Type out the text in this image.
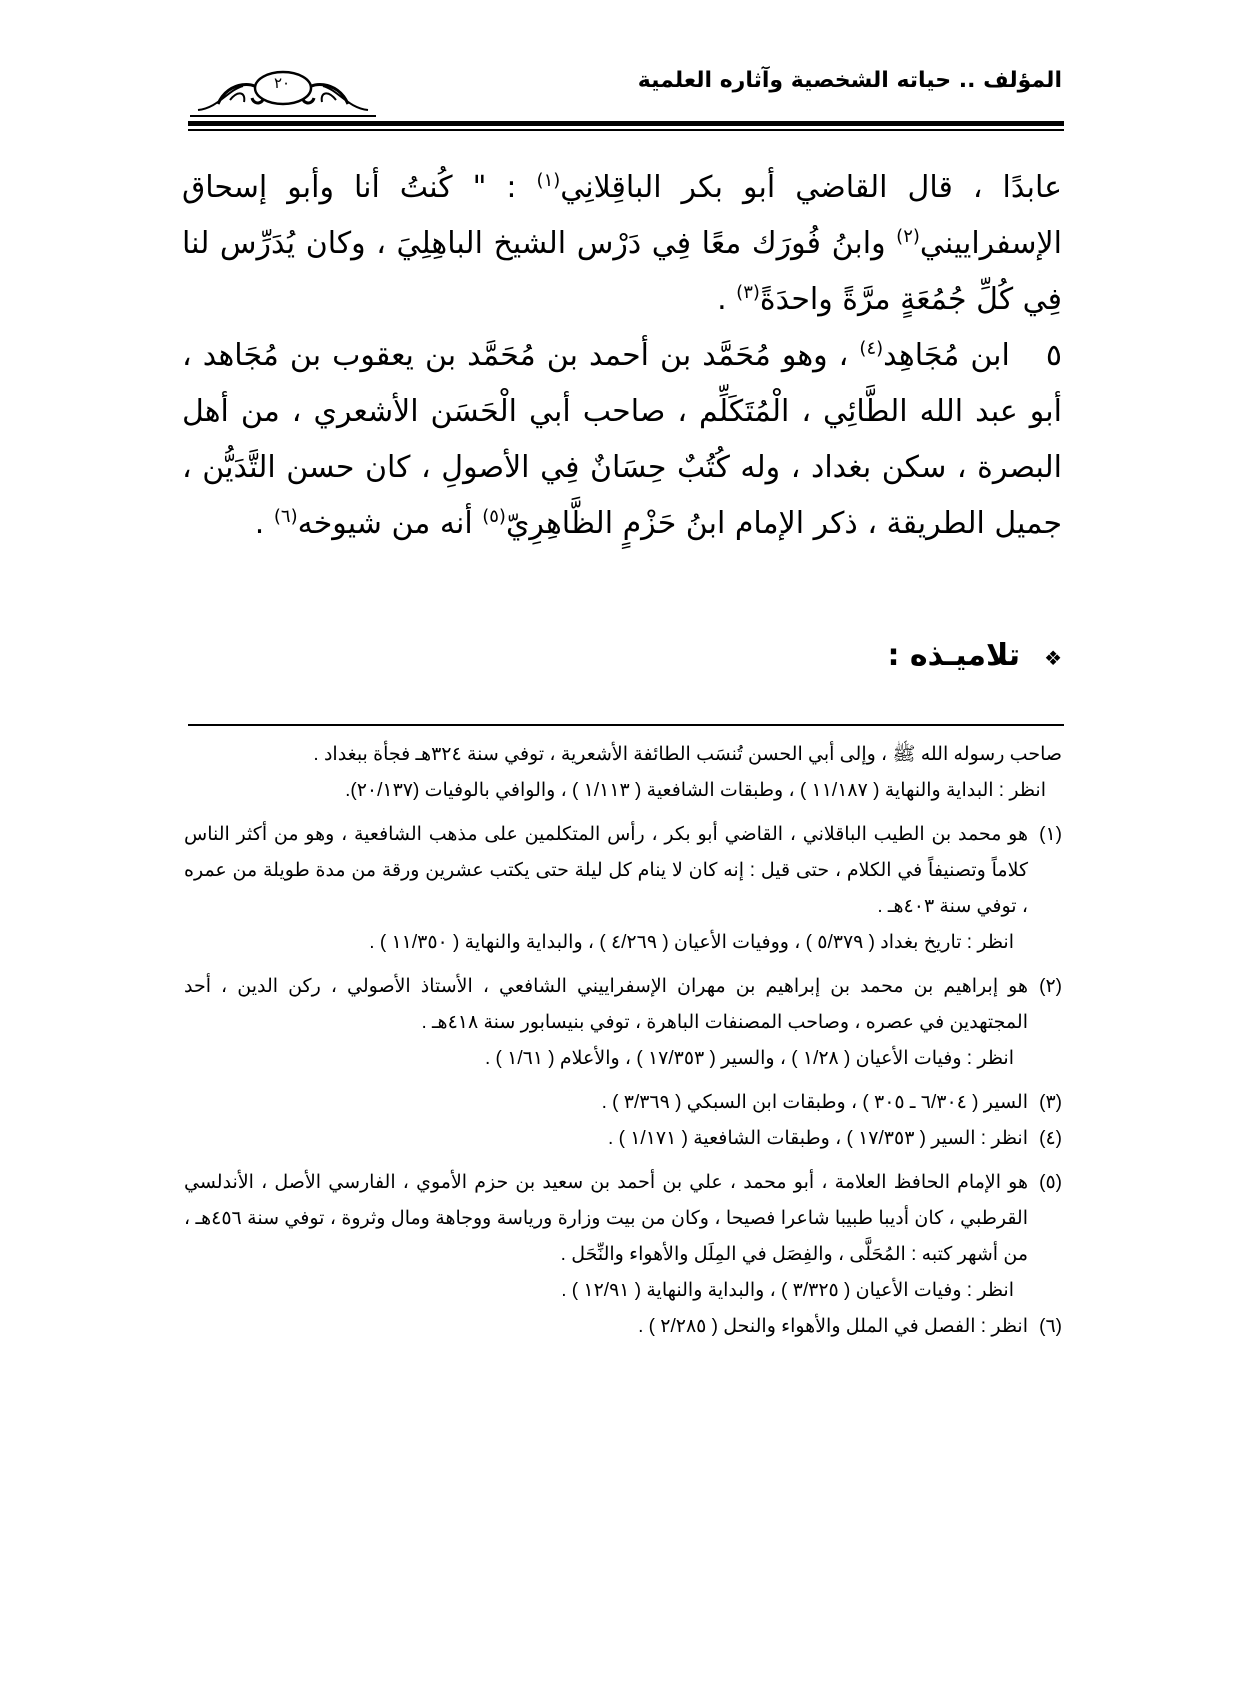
المؤلف .. حياته الشخصية وآثاره العلمية
٢٠

عابدًا ، قال القاضي أبو بكر الباقِلانِي$^{(١)}$ : " كُنتُ أنا وأبو إسحاق الإسفراييني$^{(٢)}$ وابنُ فُورَك معًا فِي دَرْس الشيخ الباهِلِيَ ، وكان يُدَرِّس لنا فِي كُلِّ جُمُعَةٍ مرَّةً واحدَةً$^{(٣)}$ .

٥ابن مُجَاهِد$^{(٤)}$ ، وهو مُحَمَّد بن أحمد بن مُحَمَّد بن يعقوب بن مُجَاهد ، أبو عبد الله الطَّائِي ، الْمُتَكَلِّم ، صاحب أبي الْحَسَن الأشعري ، من أهل البصرة ، سكن بغداد ، وله كُتُبٌ حِسَانٌ فِي الأصولِ ، كان حسن التَّدَيُّن ، جميل الطريقة ، ذكر الإمام ابنُ حَزْمٍ الظَّاهِرِيّ$^{(٥)}$ أنه من شيوخه$^{(٦)}$ .

❖تلاميـذه :

صاحب رسوله الله ﷺ ، وإلى أبي الحسن تُنسَب الطائفة الأشعرية ، توفي سنة ٣٢٤هـ فجأة ببغداد .

انظر : البداية والنهاية ( ١١/١٨٧ ) ، وطبقات الشافعية ( ١/١١٣ ) ، والوافي بالوفيات (٢٠/١٣٧).

(١)
هو محمد بن الطيب الباقلاني ، القاضي أبو بكر ، رأس المتكلمين على مذهب الشافعية ، وهو من أكثر الناس كلاماً وتصنيفاً في الكلام ، حتى قيل : إنه كان لا ينام كل ليلة حتى يكتب عشرين ورقة من مدة طويلة من عمره ، توفي سنة ٤٠٣هـ .
انظر : تاريخ بغداد ( ٥/٣٧٩ ) ، ووفيات الأعيان ( ٤/٢٦٩ ) ، والبداية والنهاية ( ١١/٣٥٠ ) .
(٢)
هو إبراهيم بن محمد بن إبراهيم بن مهران الإسفراييني الشافعي ، الأستاذ الأصولي ، ركن الدين ، أحد المجتهدين في عصره ، وصاحب المصنفات الباهرة ، توفي بنيسابور سنة ٤١٨هـ .
انظر : وفيات الأعيان ( ١/٢٨ ) ، والسير ( ١٧/٣٥٣ ) ، والأعلام ( ١/٦١ ) .
(٣)
السير ( ٦/٣٠٤ ـ ٣٠٥ ) ، وطبقات ابن السبكي ( ٣/٣٦٩ ) .
(٤)
انظر : السير ( ١٧/٣٥٣ ) ، وطبقات الشافعية ( ١/١٧١ ) .
(٥)
هو الإمام الحافظ العلامة ، أبو محمد ، علي بن أحمد بن سعيد بن حزم الأموي ، الفارسي الأصل ، الأندلسي القرطبي ، كان أديبا طبيبا شاعرا فصيحا ، وكان من بيت وزارة ورياسة ووجاهة ومال وثروة ، توفي سنة ٤٥٦هـ ، من أشهر كتبه : المُحَلَّى ، والفِصَل في المِلَل والأهواء والنِّحَل .
انظر : وفيات الأعيان ( ٣/٣٢٥ ) ، والبداية والنهاية ( ١٢/٩١ ) .
(٦)
انظر : الفصل في الملل والأهواء والنحل ( ٢/٢٨٥ ) .
